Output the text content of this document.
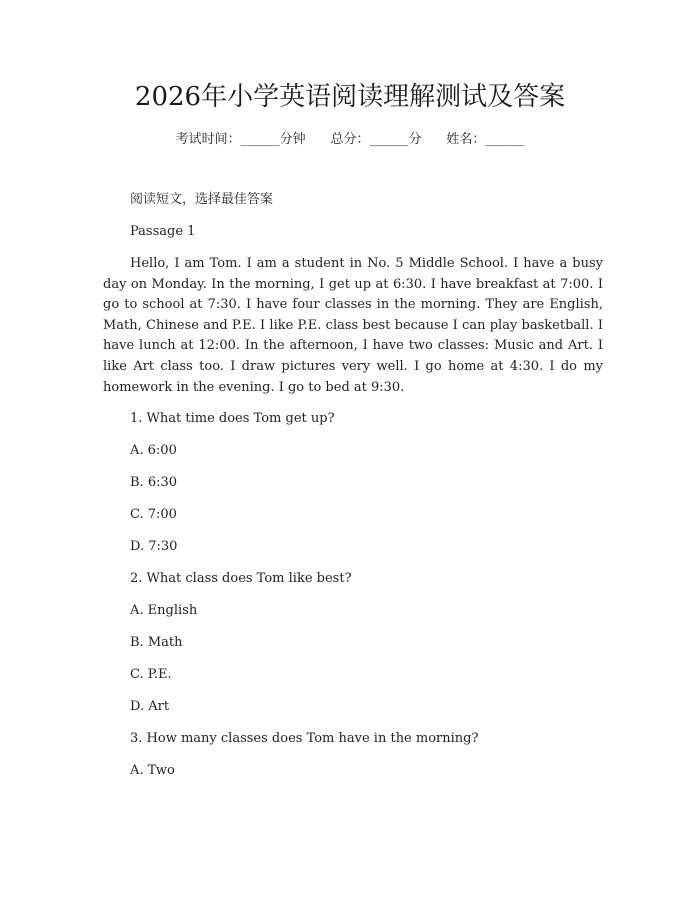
2026年小学英语阅读理解测试及答案
考试时间：______分钟 总分：______分 姓名：______

阅读短文，选择最佳答案

Passage 1

Hello, I am Tom. I am a student in No. 5 Middle School. I have a busy day on Monday. In the morning, I get up at 6:30. I have breakfast at 7:00. I go to school at 7:30. I have four classes in the morning. They are English, Math, Chinese and P.E. I like P.E. class best because I can play basketball. I have lunch at 12:00. In the afternoon, I have two classes: Music and Art. I like Art class too. I draw pictures very well. I go home at 4:30. I do my homework in the evening. I go to bed at 9:30.

1. What time does Tom get up?

A. 6:00

B. 6:30

C. 7:00

D. 7:30

2. What class does Tom like best?

A. English

B. Math

C. P.E.

D. Art

3. How many classes does Tom have in the morning?

A. Two
